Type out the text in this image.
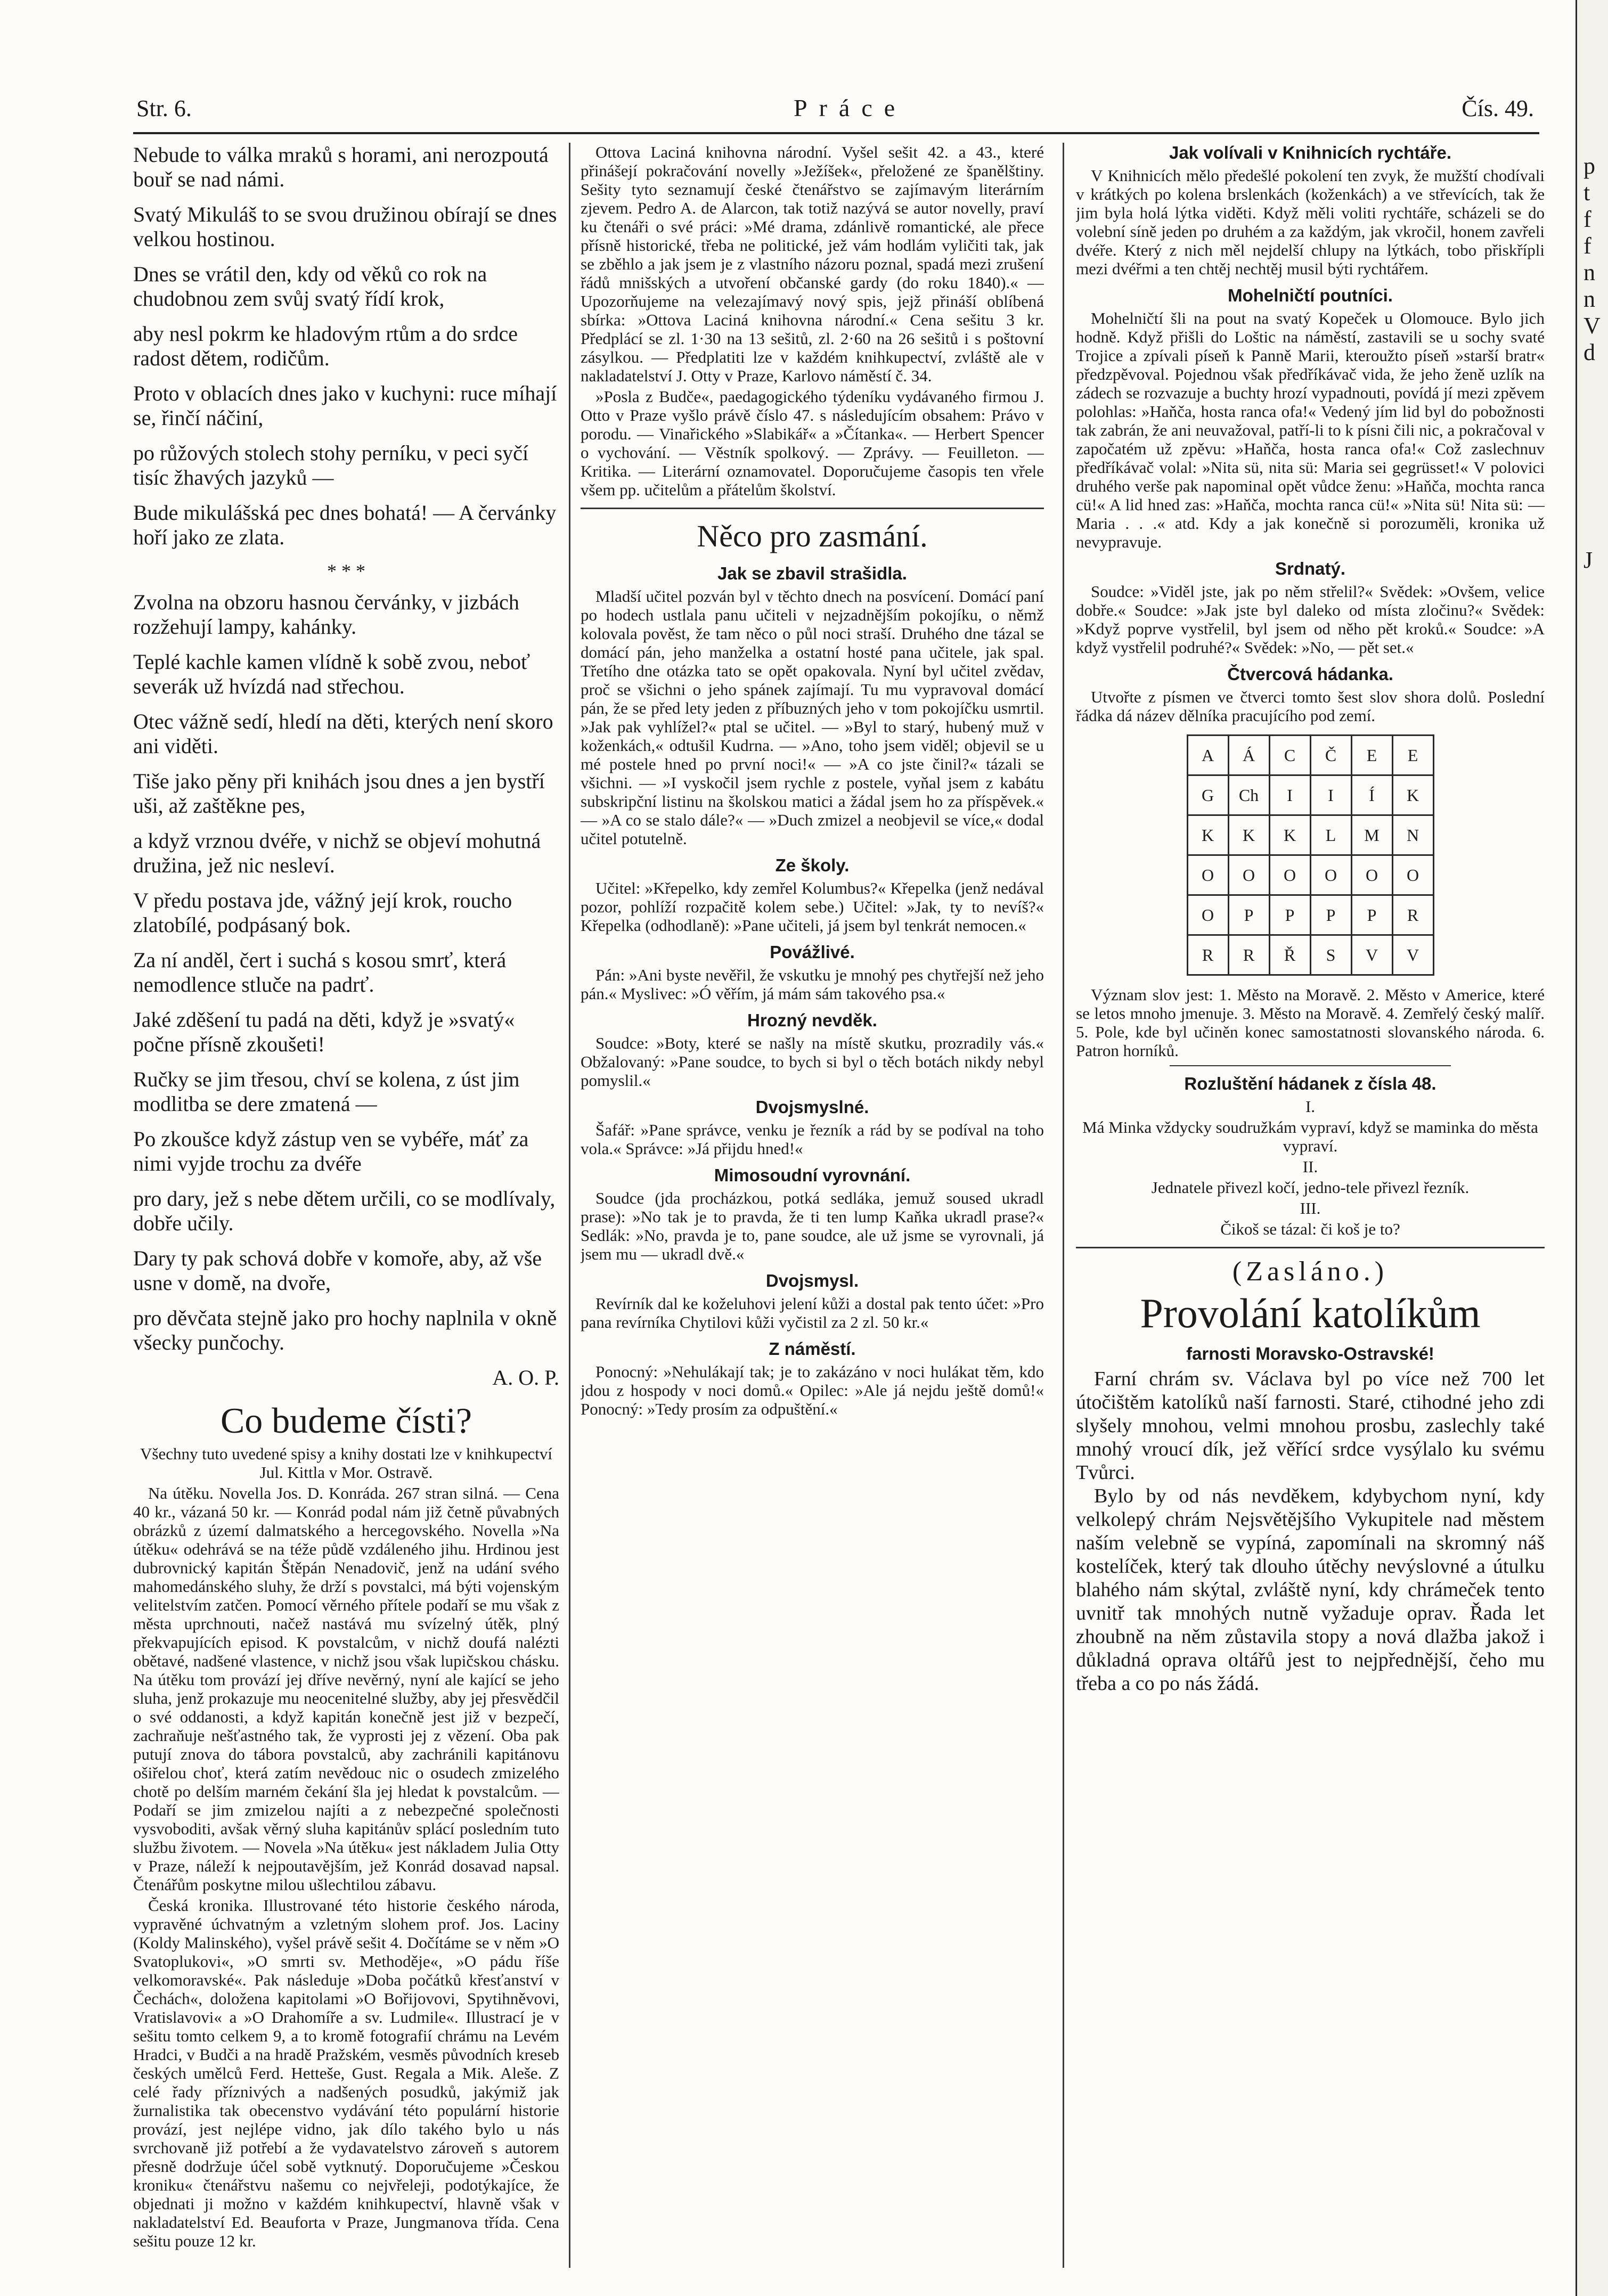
p
t
f
f
n
n
V
d
J
Str. 6.	Práce	Čís. 49.

Nebude to válka mraků s horami, ani nerozpoutá bouř se nad námi.

Svatý Mikuláš to se svou družinou obírají se dnes velkou hostinou.

Dnes se vrátil den, kdy od věků co rok na chudobnou zem svůj svatý řídí krok,

aby nesl pokrm ke hladovým rtům a do srdce radost dětem, rodičům.

Proto v oblacích dnes jako v kuchyni: ruce míhají se, řinčí náčiní,

po růžových stolech stohy perníku, v peci syčí tisíc žhavých jazyků —

Bude mikulášská pec dnes bohatá! — A červánky hoří jako ze zlata.

* * *

Zvolna na obzoru hasnou červánky, v jizbách rozžehují lampy, kahánky.

Teplé kachle kamen vlídně k sobě zvou, neboť severák už hvízdá nad střechou.

Otec vážně sedí, hledí na děti, kterých není skoro ani viděti.

Tiše jako pěny při knihách jsou dnes a jen bystří uši, až zaštěkne pes,

a když vrznou dvéře, v nichž se objeví mohutná družina, jež nic nesleví.

V předu postava jde, vážný její krok, roucho zlatobílé, podpásaný bok.

Za ní anděl, čert i suchá s kosou smrť, která nemodlence stluče na padrť.

Jaké zděšení tu padá na děti, když je »svatý« počne přísně zkoušeti!

Ručky se jim třesou, chví se kolena, z úst jim modlitba se dere zmatená —

Po zkoušce když zástup ven se vybéře, máť za nimi vyjde trochu za dvéře

pro dary, jež s nebe dětem určili, co se modlívaly, dobře učily.

Dary ty pak schová dobře v komoře, aby, až vše usne v domě, na dvoře,

pro děvčata stejně jako pro hochy naplnila v okně všecky punčochy.

A. O. P.

Co budeme čísti?

Všechny tuto uvedené spisy a knihy dostati lze v knihkupectví Jul. Kittla v Mor. Ostravě.

Na útěku. Novella Jos. D. Konráda. 267 stran silná. — Cena 40 kr., vázaná 50 kr. — Konrád podal nám již četně půvabných obrázků z území dalmatského a hercegovského. Novella »Na útěku« odehrává se na téže půdě vzdáleného jihu. Hrdinou jest dubrovnický kapitán Štěpán Nenadovič, jenž na udání svého mahomedánského sluhy, že drží s povstalci, má býti vojenským velitelstvím zatčen. Pomocí věrného přítele podaří se mu však z města uprchnouti, načež nastává mu svízelný útěk, plný překvapujících episod. K povstalcům, v nichž doufá nalézti obětavé, nadšené vlastence, v nichž jsou však lupičskou chásku. Na útěku tom provází jej dříve nevěrný, nyní ale kající se jeho sluha, jenž prokazuje mu neocenitelné služby, aby jej přesvědčil o své oddanosti, a když kapitán konečně jest již v bezpečí, zachraňuje nešťastného tak, že vyprosti jej z vězení. Oba pak putují znova do tábora povstalců, aby zachránili kapitánovu ošiřelou choť, která zatím nevědouc nic o osudech zmizelého chotě po delším marném čekání šla jej hledat k povstalcům. — Podaří se jim zmizelou najíti a z nebezpečné společnosti vysvoboditi, avšak věrný sluha kapitánův splácí posledním tuto službu životem. — Novela »Na útěku« jest nákladem Julia Otty v Praze, náleží k nejpoutavějším, jež Konrád dosavad napsal. Čtenářům poskytne milou ušlechtilou zábavu.

Česká kronika. Illustrované této historie českého národa, vypravěné úchvatným a vzletným slohem prof. Jos. Laciny (Koldy Malinského), vyšel právě sešit 4. Dočítáme se v něm »O Svatoplukovi«, »O smrti sv. Methoděje«, »O pádu říše velkomoravské«. Pak následuje »Doba počátků křesťanství v Čechách«, doložena kapitolami »O Bořijovovi, Spytihněvovi, Vratislavovi« a »O Drahomíře a sv. Ludmile«. Illustrací je v sešitu tomto celkem 9, a to kromě fotografií chrámu na Levém Hradci, v Budči a na hradě Pražském, vesměs původních kreseb českých umělců Ferd. Hetteše, Gust. Regala a Mik. Aleše. Z celé řady příznivých a nadšených posudků, jakýmiž jak žurnalistika tak obecenstvo vydávání této populární historie provází, jest nejlépe vidno, jak dílo takého bylo u nás svrchovaně již potřebí a že vydavatelstvo zároveň s autorem přesně dodržuje účel sobě vytknutý. Doporučujeme »Českou kroniku« čtenářstvu našemu co nejvřeleji, podotýkajíce, že objednati ji možno v každém knihkupectví, hlavně však v nakladatelství Ed. Beauforta v Praze, Jungmanova třída. Cena sešitu pouze 12 kr.

Ottova Laciná knihovna národní. Vyšel sešit 42. a 43., které přinášejí pokračování novelly »Ježíšek«, přeložené ze španělštiny. Sešity tyto seznamují české čtenářstvo se zajímavým literárním zjevem. Pedro A. de Alarcon, tak totiž nazývá se autor novelly, praví ku čtenáři o své práci: »Mé drama, zdánlivě romantické, ale přece přísně historické, třeba ne politické, jež vám hodlám vyličiti tak, jak se zběhlo a jak jsem je z vlastního názoru poznal, spadá mezi zrušení řádů mnišských a utvoření občanské gardy (do roku 1840).« — Upozorňujeme na velezajímavý nový spis, jejž přináší oblíbená sbírka: »Ottova Laciná knihovna národní.« Cena sešitu 3 kr. Předplácí se zl. 1·30 na 13 sešitů, zl. 2·60 na 26 sešitů i s poštovní zásylkou. — Předplatiti lze v každém knihkupectví, zvláště ale v nakladatelství J. Otty v Praze, Karlovo náměstí č. 34.

»Posla z Budče«, paedagogického týdeníku vydávaného firmou J. Otto v Praze vyšlo právě číslo 47. s následujícím obsahem: Právo v porodu. — Vinařického »Slabikář« a »Čítanka«. — Herbert Spencer o vychování. — Věstník spolkový. — Zprávy. — Feuilleton. — Kritika. — Literární oznamovatel. Doporučujeme časopis ten vřele všem pp. učitelům a přátelům školství.

Něco pro zasmání.
Jak se zbavil strašidla.

Mladší učitel pozván byl v těchto dnech na posvícení. Domácí paní po hodech ustlala panu učiteli v nejzadnějším pokojíku, o němž kolovala pověst, že tam něco o půl noci straší. Druhého dne tázal se domácí pán, jeho manželka a ostatní hosté pana učitele, jak spal. Třetího dne otázka tato se opět opakovala. Nyní byl učitel zvědav, proč se všichni o jeho spánek zajímají. Tu mu vypravoval domácí pán, že se před lety jeden z příbuzných jeho v tom pokojíčku usmrtil. »Jak pak vyhlížel?« ptal se učitel. — »Byl to starý, hubený muž v koženkách,« odtušil Kudrna. — »Ano, toho jsem viděl; objevil se u mé postele hned po první noci!« — »A co jste činil?« tázali se všichni. — »I vyskočil jsem rychle z postele, vyňal jsem z kabátu subskripční listinu na školskou matici a žádal jsem ho za příspěvek.« — »A co se stalo dále?« — »Duch zmizel a neobjevil se více,« dodal učitel potutelně.

Ze školy.

Učitel: »Křepelko, kdy zemřel Kolumbus?« Křepelka (jenž nedával pozor, pohlíží rozpačitě kolem sebe.) Učitel: »Jak, ty to nevíš?« Křepelka (odhodlaně): »Pane učiteli, já jsem byl tenkrát nemocen.«

Povážlivé.

Pán: »Ani byste nevěřil, že vskutku je mnohý pes chytřejší než jeho pán.« Myslivec: »Ó věřím, já mám sám takového psa.«

Hrozný nevděk.

Soudce: »Boty, které se našly na místě skutku, prozradily vás.« Obžalovaný: »Pane soudce, to bych si byl o těch botách nikdy nebyl pomyslil.«

Dvojsmyslné.

Šafář: »Pane správce, venku je řezník a rád by se podíval na toho vola.« Správce: »Já přijdu hned!«

Mimosoudní vyrovnání.

Soudce (jda procházkou, potká sedláka, jemuž soused ukradl prase): »No tak je to pravda, že ti ten lump Kaňka ukradl prase?« Sedlák: »No, pravda je to, pane soudce, ale už jsme se vyrovnali, já jsem mu — ukradl dvě.«

Dvojsmysl.

Revírník dal ke koželuhovi jelení kůži a dostal pak tento účet: »Pro pana revírníka Chytilovi kůži vyčistil za 2 zl. 50 kr.«

Z náměstí.

Ponocný: »Nehulákají tak; je to zakázáno v noci hulákat těm, kdo jdou z hospody v noci domů.« Opilec: »Ale já nejdu ještě domů!« Ponocný: »Tedy prosím za odpuštění.«

Jak volívali v Knihnicích rychtáře.

V Knihnicích mělo předešlé pokolení ten zvyk, že mužští chodívali v krátkých po kolena brslenkách (koženkách) a ve střevících, tak že jim byla holá lýtka viděti. Když měli voliti rychtáře, scházeli se do volební síně jeden po druhém a za každým, jak vkročil, honem zavřeli dvéře. Který z nich měl nejdelší chlupy na lýtkách, tobo přiskřípli mezi dvéřmi a ten chtěj nechtěj musil býti rychtářem.

Mohelničtí poutníci.

Mohelničtí šli na pout na svatý Kopeček u Olomouce. Bylo jich hodně. Když přišli do Loštic na náměstí, zastavili se u sochy svaté Trojice a zpívali píseň k Panně Marii, kteroužto píseň »starší bratr« předzpěvoval. Pojednou však předříkávač vida, že jeho ženě uzlík na zádech se rozvazuje a buchty hrozí vypadnouti, povídá jí mezi zpěvem polohlas: »Haňča, hosta ranca ofa!« Vedený jím lid byl do pobožnosti tak zabrán, že ani neuvažoval, patří-li to k písni čili nic, a pokračoval v započatém už zpěvu: »Haňča, hosta ranca ofa!« Což zaslechnuv předříkávač volal: »Nita sü, nita sü: Maria sei gegrüsset!« V polovici druhého verše pak napominal opět vůdce ženu: »Haňča, mochta ranca cü!« A lid hned zas: »Haňča, mochta ranca cü!« »Nita sü! Nita sü: — Maria . . .« atd. Kdy a jak konečně si porozuměli, kronika už nevypravuje.

Srdnatý.

Soudce: »Viděl jste, jak po něm střelil?« Svědek: »Ovšem, velice dobře.« Soudce: »Jak jste byl daleko od místa zločinu?« Svědek: »Když poprve vystřelil, byl jsem od něho pět kroků.« Soudce: »A když vystřelil podruhé?« Svědek: »No, — pět set.«

Čtvercová hádanka.

Utvořte z písmen ve čtverci tomto šest slov shora dolů. Poslední řádka dá název dělníka pracujícího pod zemí.

A	Á	C	Č	E	E
G	Ch	I	I	Í	K
K	K	K	L	M	N
O	O	O	O	O	O
O	P	P	P	P	R
R	R	Ř	S	V	V

Význam slov jest: 1. Město na Moravě. 2. Město v Americe, které se letos mnoho jmenuje. 3. Město na Moravě. 4. Zemřelý český malíř. 5. Pole, kde byl učiněn konec samostatnosti slovanského národa. 6. Patron horníků.

Rozluštění hádanek z čísla 48.

I.

Má Minka vždycky soudružkám vypraví, když se maminka do města vypraví.

II.

Jednatele přivezl kočí, jedno-tele přivezl řezník.

III.

Čikoš se tázal: či koš je to?

(Zasláno.)
Provolání katolíkům
farnosti Moravsko-Ostravské!

Farní chrám sv. Václava byl po více než 700 let útočištěm katolíků naší farnosti. Staré, ctihodné jeho zdi slyšely mnohou, velmi mnohou prosbu, zaslechly také mnohý vroucí dík, jež věřící srdce vysýlalo ku svému Tvůrci.

Bylo by od nás nevděkem, kdybychom nyní, kdy velkolepý chrám Nejsvětějšího Vykupitele nad městem naším velebně se vypíná, zapomínali na skromný náš kostelíček, který tak dlouho útěchy nevýslovné a útulku blahého nám skýtal, zvláště nyní, kdy chrámeček tento uvnitř tak mnohých nutně vyžaduje oprav. Řada let zhoubně na něm zůstavila stopy a nová dlažba jakož i důkladná oprava oltářů jest to nejpřednější, čeho mu třeba a co po nás žádá.
